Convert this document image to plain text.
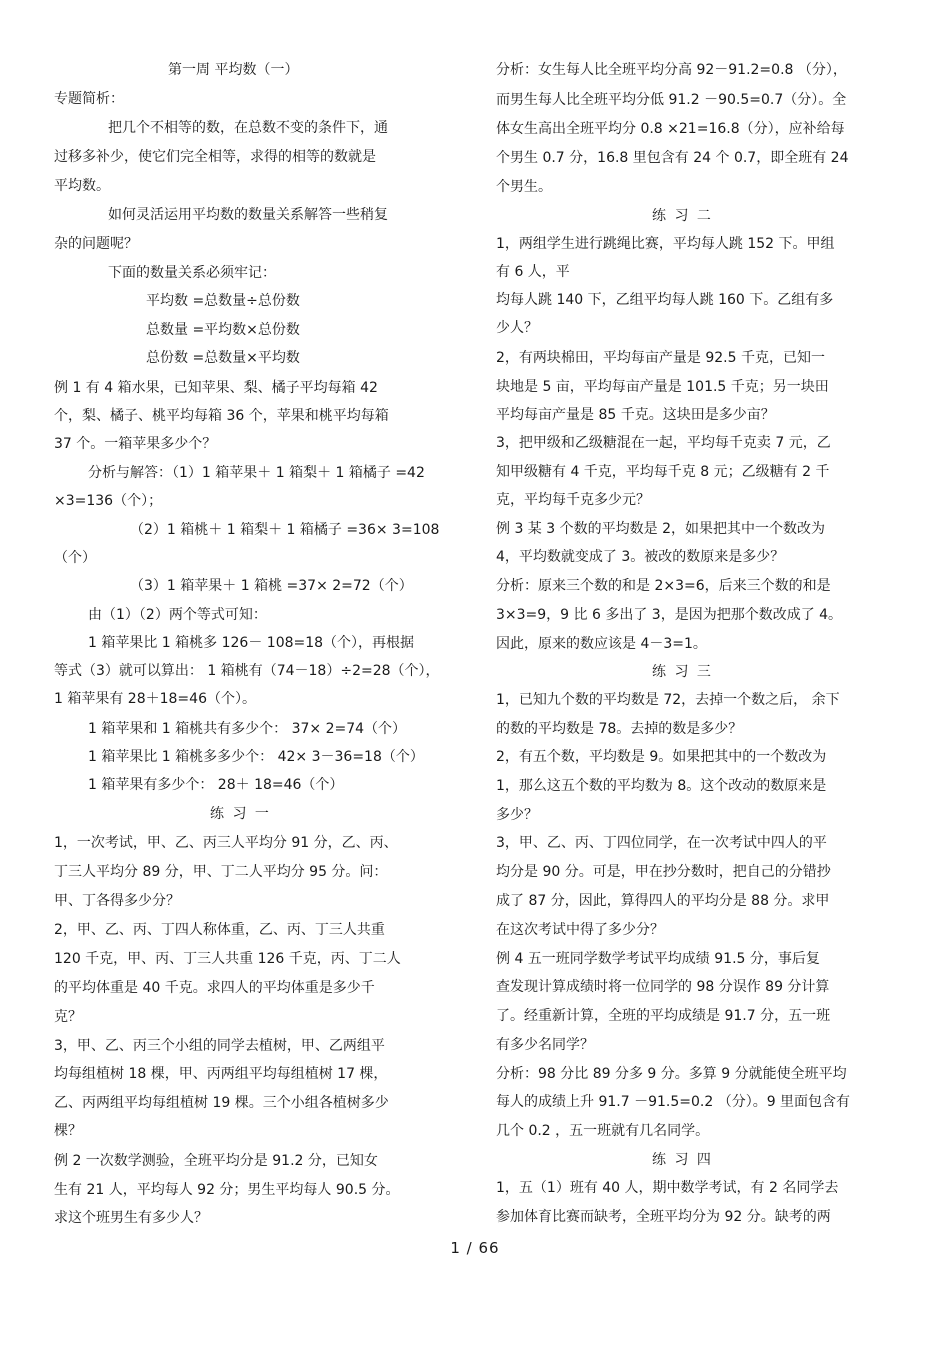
第一周 平均数（一）
专题简析：
把几个不相等的数，在总数不变的条件下，通
过移多补少，使它们完全相等，求得的相等的数就是
平均数。
如何灵活运用平均数的数量关系解答一些稍复
杂的问题呢？
下面的数量关系必须牢记：
平均数 =总数量÷总份数
总数量 =平均数×总份数
总份数 =总数量×平均数
例 1 有 4 箱水果，已知苹果、梨、橘子平均每箱 42
个，梨、橘子、桃平均每箱 36 个，苹果和桃平均每箱
37 个。一箱苹果多少个？
分析与解答：（1）1 箱苹果＋ 1 箱梨＋ 1 箱橘子 =42
×3=136（个）；
（2）1 箱桃＋ 1 箱梨＋ 1 箱橘子 =36× 3=108
（个）
（3）1 箱苹果＋ 1 箱桃 =37× 2=72（个）
由（1）（2）两个等式可知：
1 箱苹果比 1 箱桃多 126－ 108=18（个），再根据
等式（3）就可以算出： 1 箱桃有（74－18）÷2=28（个），
1 箱苹果有 28＋18=46（个）。
1 箱苹果和 1 箱桃共有多少个： 37× 2=74（个）
1 箱苹果比 1 箱桃多多少个： 42× 3－36=18（个）
1 箱苹果有多少个： 28＋ 18=46（个）
练 习 一
1，一次考试，甲、乙、丙三人平均分 91 分，乙、丙、
丁三人平均分 89 分，甲、丁二人平均分 95 分。问：
甲、丁各得多少分？
2，甲、乙、丙、丁四人称体重，乙、丙、丁三人共重
120 千克，甲、丙、丁三人共重 126 千克，丙、丁二人
的平均体重是 40 千克。求四人的平均体重是多少千
克？
3，甲、乙、丙三个小组的同学去植树，甲、乙两组平
均每组植树 18 棵，甲、丙两组平均每组植树 17 棵，
乙、丙两组平均每组植树 19 棵。三个小组各植树多少
棵？
例 2 一次数学测验，全班平均分是 91.2 分，已知女
生有 21 人，平均每人 92 分；男生平均每人 90.5 分。
求这个班男生有多少人？
分析：女生每人比全班平均分高 92－91.2=0.8 （分），
而男生每人比全班平均分低 91.2 －90.5=0.7（分）。全
体女生高出全班平均分 0.8 ×21=16.8（分），应补给每
个男生 0.7 分，16.8 里包含有 24 个 0.7，即全班有 24
个男生。
练 习 二
1，两组学生进行跳绳比赛，平均每人跳 152 下。甲组
有 6 人，平
均每人跳 140 下，乙组平均每人跳 160 下。乙组有多
少人？
2，有两块棉田，平均每亩产量是 92.5 千克，已知一
块地是 5 亩，平均每亩产量是 101.5 千克；另一块田
平均每亩产量是 85 千克。这块田是多少亩？
3，把甲级和乙级糖混在一起，平均每千克卖 7 元，乙
知甲级糖有 4 千克，平均每千克 8 元；乙级糖有 2 千
克，平均每千克多少元？
例 3 某 3 个数的平均数是 2，如果把其中一个数改为
4，平均数就变成了 3。被改的数原来是多少？
分析：原来三个数的和是 2×3=6，后来三个数的和是
3×3=9，9 比 6 多出了 3，是因为把那个数改成了 4。
因此，原来的数应该是 4－3=1。
练 习 三
1，已知九个数的平均数是 72，去掉一个数之后， 余下
的数的平均数是 78。去掉的数是多少？
2，有五个数，平均数是 9。如果把其中的一个数改为
1，那么这五个数的平均数为 8。这个改动的数原来是
多少？
3，甲、乙、丙、丁四位同学，在一次考试中四人的平
均分是 90 分。可是，甲在抄分数时，把自己的分错抄
成了 87 分，因此，算得四人的平均分是 88 分。求甲
在这次考试中得了多少分？
例 4 五一班同学数学考试平均成绩 91.5 分，事后复
查发现计算成绩时将一位同学的 98 分误作 89 分计算
了。经重新计算，全班的平均成绩是 91.7 分，五一班
有多少名同学？
分析：98 分比 89 分多 9 分。多算 9 分就能使全班平均
每人的成绩上升 91.7 －91.5=0.2 （分）。9 里面包含有
几个 0.2 ，五一班就有几名同学。
练 习 四
1，五（1）班有 40 人，期中数学考试，有 2 名同学去
参加体育比赛而缺考，全班平均分为 92 分。缺考的两
1 / 66
